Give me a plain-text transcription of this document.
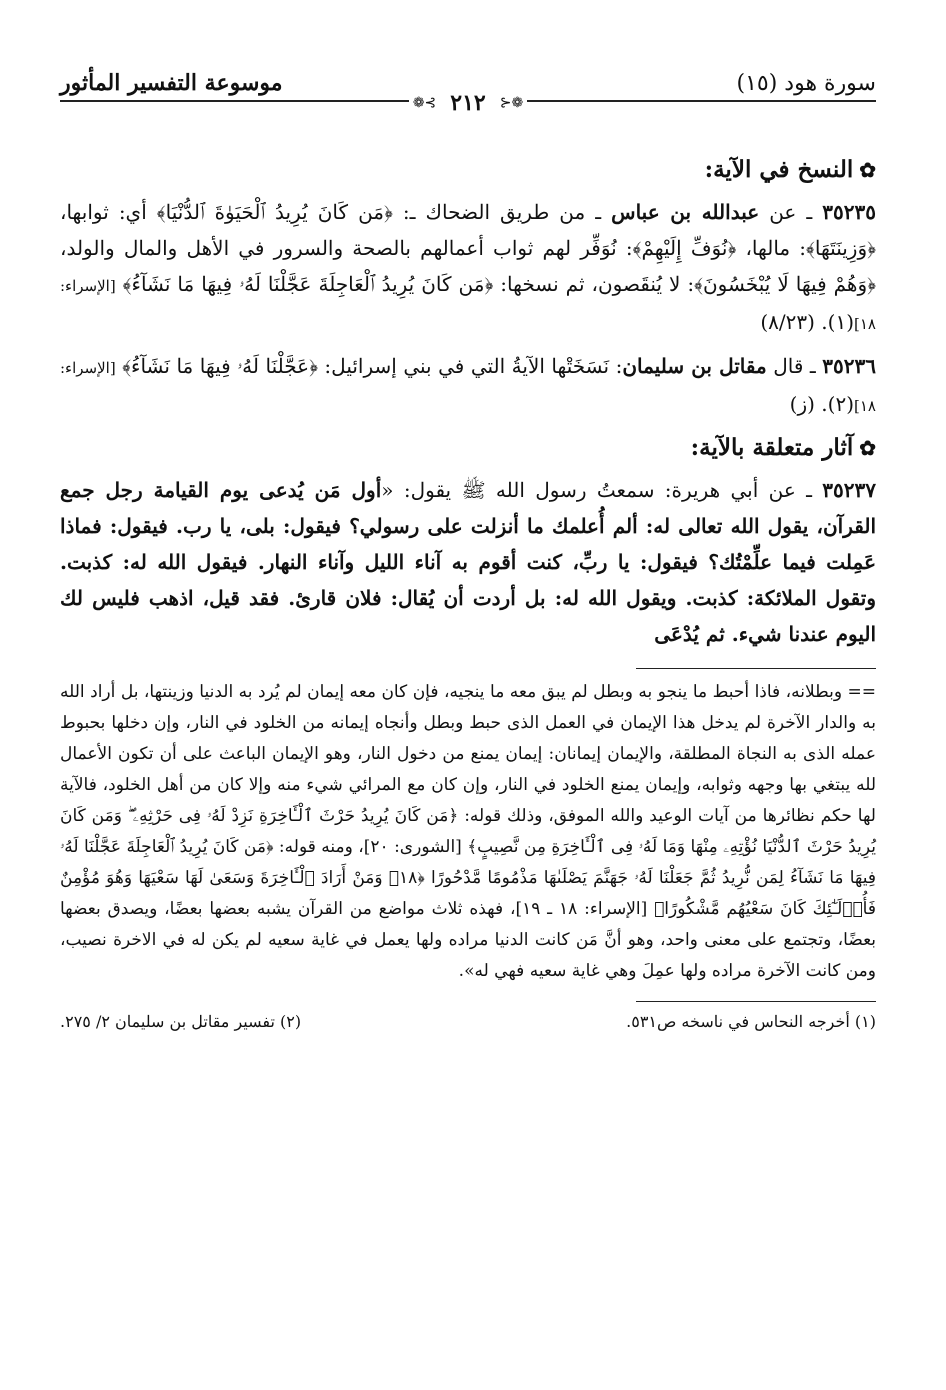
سورة هود (١٥)
موسوعة التفسير المأثور
❁⊰
٢١٢
⊱❁
✿النسخ في الآية:

٣٥٢٣٥ ـ عن عبدالله بن عباس ـ من طريق الضحاك ـ: ﴿مَن كَانَ يُرِيدُ ٱلْحَيَوٰةَ ٱلدُّنْيَا﴾ أي: ثوابها، ﴿وَزِينَتَهَا﴾: مالها، ﴿نُوَفِّ إِلَيْهِمْ﴾: نُوَفِّر لهم ثواب أعمالهم بالصحة والسرور في الأهل والمال والولد، ﴿وَهُمْ فِيهَا لَا يُبْخَسُونَ﴾: لا يُنقَصون، ثم نسخها: ﴿مَن كَانَ يُرِيدُ ٱلْعَاجِلَةَ عَجَّلْنَا لَهُۥ فِيهَا مَا نَشَآءُ﴾ [الإسراء: ١٨](١). (٨/٢٣)

٣٥٢٣٦ ـ قال مقاتل بن سليمان: نَسَخَتْها الآيةُ التي في بني إسرائيل: ﴿عَجَّلْنَا لَهُۥ فِيهَا مَا نَشَآءُ﴾ [الإسراء: ١٨](٢). (ز)

✿آثار متعلقة بالآية:

٣٥٢٣٧ ـ عن أبي هريرة: سمعتُ رسول الله ﷺ يقول: «أول مَن يُدعى يوم القيامة رجل جمع القرآن، يقول الله تعالى له: ألم أُعلمك ما أنزلت على رسولي؟ فيقول: بلى، يا رب. فيقول: فماذا عَمِلت فيما علِّمْتُك؟ فيقول: يا ربِّ، كنت أقوم به آناء الليل وآناء النهار. فيقول الله له: كذبت. وتقول الملائكة: كذبت. ويقول الله له: بل أردت أن يُقال: فلان قارئ. فقد قيل، اذهب فليس لك اليوم عندنا شيء. ثم يُدْعَى

== وبطلانه، فاذا أحبط ما ينجو به وبطل لم يبق معه ما ينجيه، فإن كان معه إيمان لم يُرد به الدنيا وزينتها، بل أراد الله به والدار الآخرة لم يدخل هذا الإيمان في العمل الذى حبط وبطل وأنجاه إيمانه من الخلود في النار، وإن دخلها بحبوط عمله الذى به النجاة المطلقة، والإيمان إيمانان: إيمان يمنع من دخول النار، وهو الإيمان الباعث على أن تكون الأعمال لله يبتغي بها وجهه وثوابه، وإيمان يمنع الخلود في النار، وإن كان مع المرائي شيء منه وإلا كان من أهل الخلود، فالآية لها حكم نظائرها من آيات الوعيد والله الموفق، وذلك قوله: ﴿مَن كَانَ يُرِيدُ حَرْثَ ٱلْـَٔاخِرَةِ نَزِدْ لَهُۥ فِى حَرْثِهِۦ ۖ وَمَن كَانَ يُرِيدُ حَرْثَ ٱلدُّنْيَا نُؤْتِهِۦ مِنْهَا وَمَا لَهُۥ فِى ٱلْـَٔاخِرَةِ مِن نَّصِيبٍ﴾ [الشورى: ٢٠]، ومنه قوله: ﴿مَن كَانَ يُرِيدُ ٱلْعَاجِلَةَ عَجَّلْنَا لَهُۥ فِيهَا مَا نَشَآءُ لِمَن نُّرِيدُ ثُمَّ جَعَلْنَا لَهُۥ جَهَنَّمَ يَصْلَىٰهَا مَذْمُومًا مَّدْحُورًا ﴿١٨﴾ وَمَنْ أَرَادَ ٱلْـَٔاخِرَةَ وَسَعَىٰ لَهَا سَعْيَهَا وَهُوَ مُؤْمِنٌ فَأُو۟لَـٰٓئِكَ كَانَ سَعْيُهُم مَّشْكُورًا﴾ [الإسراء: ١٨ ـ ١٩]، فهذه ثلاث مواضع من القرآن يشبه بعضها بعضًا، ويصدق بعضها بعضًا، وتجتمع على معنى واحد، وهو أنَّ مَن كانت الدنيا مراده ولها يعمل في غاية سعيه لم يكن له في الاخرة نصيب، ومن كانت الآخرة مراده ولها عمِلَ وهي غاية سعيه فهي له».
(١) أخرجه النحاس في ناسخه ص٥٣١.
(٢) تفسير مقاتل بن سليمان ٢/ ٢٧٥.
